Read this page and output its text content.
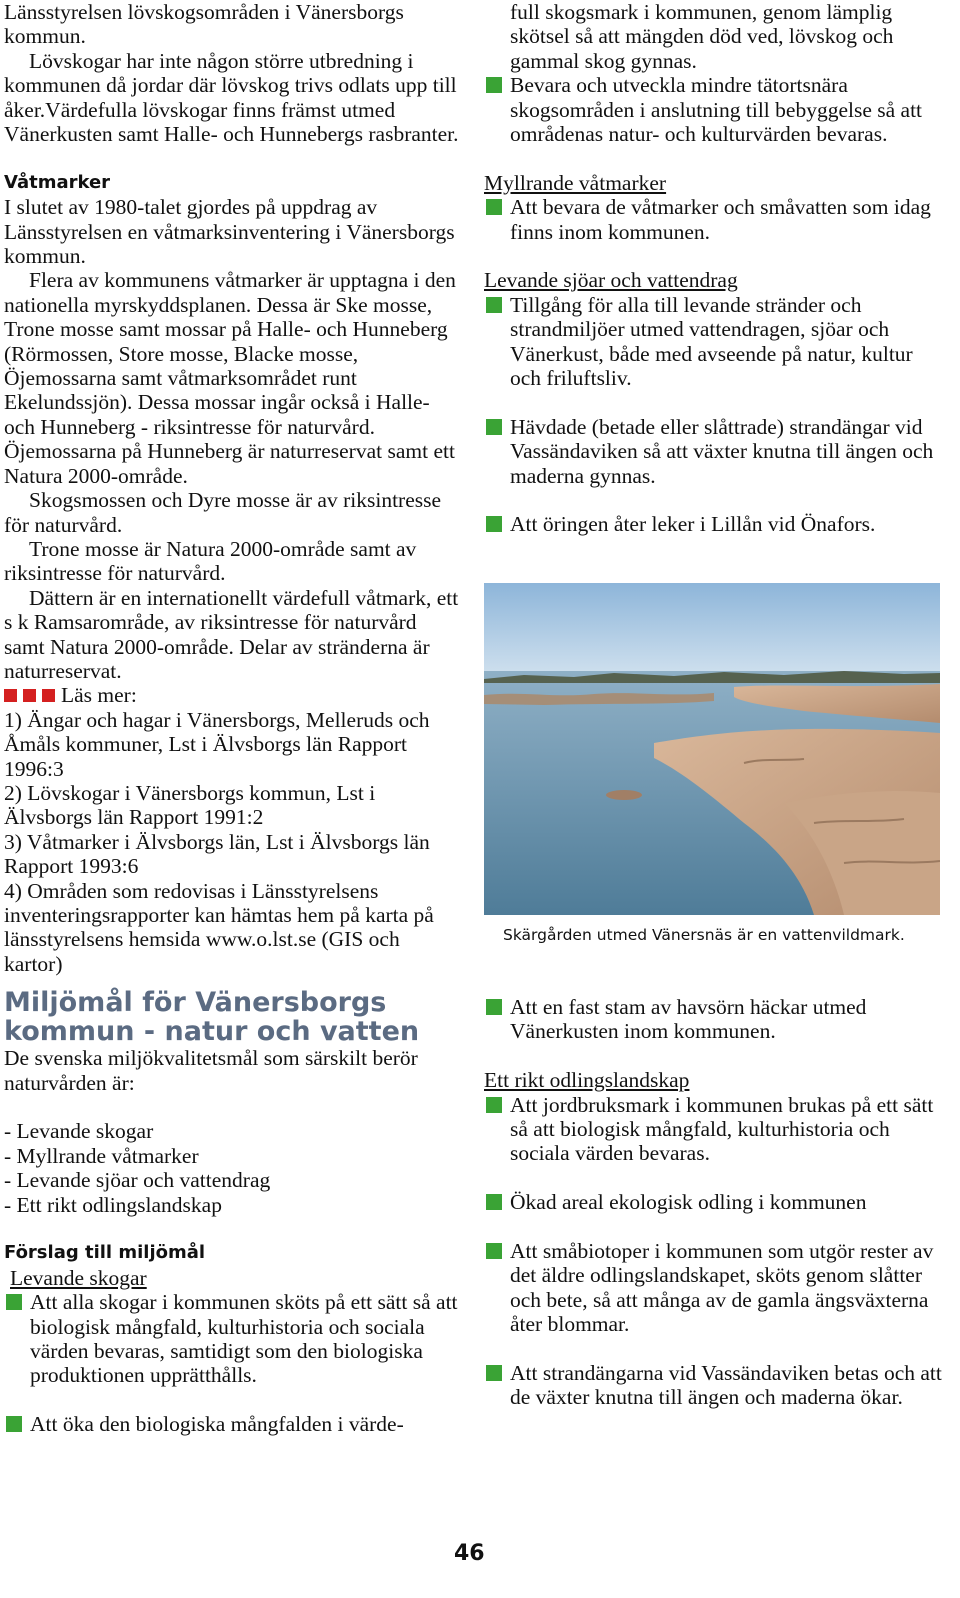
Länsstyrelsen lövskogsområden i Vänersborgs kommun.

Lövskogar har inte någon större utbredning i kommunen då jordar där lövskog trivs odlats upp till åker.Värdefulla lövskogar finns främst utmed Vänerkusten samt Halle- och Hunnebergs rasbranter.

Våtmarker

I slutet av 1980-talet gjordes på uppdrag av Länsstyrelsen en våtmarksinventering i Vänersborgs kommun.

Flera av kommunens våtmarker är upptagna i den nationella myrskyddsplanen. Dessa är Ske mosse, Trone mosse samt mossar på Halle- och Hunneberg (Rörmossen, Store mosse, Blacke mosse, Öjemossarna samt våtmarksområdet runt Ekelundssjön). Dessa mossar ingår också i Halle- och Hunneberg - riksintresse för naturvård. Öjemossarna på Hunneberg är naturreservat samt ett Natura 2000-område.

Skogsmossen och Dyre mosse är av riksintresse för naturvård.

Trone mosse är Natura 2000-område samt av riksintresse för naturvård.

Dättern är en internationellt värdefull våtmark, ett s k Ramsarområde, av riksintresse för naturvård samt Natura 2000-område. Delar av stränderna är naturreservat.

Läs mer:

1) Ängar och hagar i Vänersborgs, Melleruds och Åmåls kommuner, Lst i Älvsborgs län Rapport 1996:3

2) Lövskogar i Vänersborgs kommun, Lst i Älvsborgs län Rapport 1991:2

3) Våtmarker i Älvsborgs län, Lst i Älvsborgs län Rapport 1993:6

4) Områden som redovisas i Länsstyrelsens inventeringsrapporter kan hämtas hem på karta på länsstyrelsens hemsida www.o.lst.se (GIS och kartor)

Miljömål för Vänersborgs kommun - natur och vatten

De svenska miljökvalitetsmål som särskilt berör naturvården är:

- Levande skogar

- Myllrande våtmarker

- Levande sjöar och vattendrag

- Ett rikt odlingslandskap

Förslag till miljömål

Levande skogar

Att alla skogar i kommunen sköts på ett sätt så att biologisk mångfald, kulturhistoria och sociala värden bevaras, samtidigt som den biologiska produktionen upprätthålls.

Att öka den biologiska mångfalden i värde-

full skogsmark i kommunen, genom lämplig skötsel så att mängden död ved, lövskog och gammal skog gynnas.

Bevara och utveckla mindre tätortsnära skogsområden i anslutning till bebyggelse så att områdenas natur- och kulturvärden bevaras.

Myllrande våtmarker

Att bevara de våtmarker och småvatten som idag finns inom kommunen.

Levande sjöar och vattendrag

Tillgång för alla till levande stränder och strandmiljöer utmed vattendragen, sjöar och Vänerkust, både med avseende på natur, kultur och friluftsliv.

Hävdade (betade eller slåttrade) strandängar vid Vassändaviken så att växter knutna till ängen och maderna gynnas.

Att öringen åter leker i Lillån vid Önafors.

Skärgården utmed Vänersnäs är en vattenvildmark.

Att en fast stam av havsörn häckar utmed Vänerkusten inom kommunen.

Ett rikt odlingslandskap

Att jordbruksmark i kommunen brukas på ett sätt så att biologisk mångfald, kulturhistoria och sociala värden bevaras.

Ökad areal ekologisk odling i kommunen

Att småbiotoper i kommunen som utgör rester av det äldre odlingslandskapet, sköts genom slåtter och bete, så att många av de gamla ängsväxterna åter blommar.

Att strandängarna vid Vassändaviken betas och att de växter knutna till ängen och maderna ökar.

46
